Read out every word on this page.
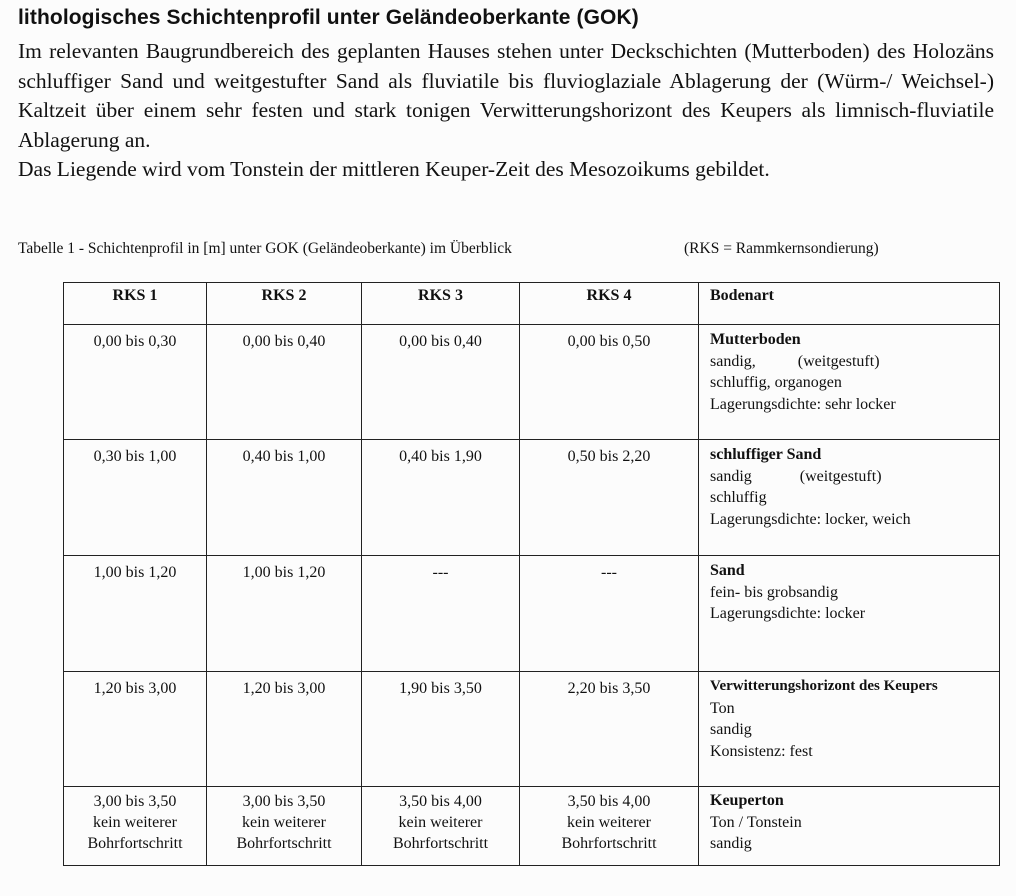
lithologisches Schichtenprofil unter Geländeoberkante (GOK)

Im relevanten Baugrundbereich des geplanten Hauses stehen unter Deckschichten (Mutterboden) des Holozäns schluffiger Sand und weitgestufter Sand als fluviatile bis fluvioglaziale Ablagerung der (Würm-/ Weichsel-) Kaltzeit über einem sehr festen und stark tonigen Verwitterungshorizont des Keupers als limnisch-fluviatile Ablagerung an.

Das Liegende wird vom Tonstein der mittleren Keuper-Zeit des Mesozoikums gebildet.

Tabelle 1 - Schichtenprofil in [m] unter GOK (Geländeoberkante) im Überblick	(RKS = Rammkernsondierung)
RKS 1	RKS 2	RKS 3	RKS 4	Bodenart
0,00 bis 0,30	0,00 bis 0,40	0,00 bis 0,40	0,00 bis 0,50	Mutterboden
sandig, (weitgestuft)
schluffig, organogen
Lagerungsdichte: sehr locker

0,30 bis 1,00	0,40 bis 1,00	0,40 bis 1,90	0,50 bis 2,20	schluffiger Sand
sandig (weitgestuft)
schluffig
Lagerungsdichte: locker, weich

1,00 bis 1,20	1,00 bis 1,20	---	---	Sand
fein- bis grobsandig
Lagerungsdichte: locker

1,20 bis 3,00	1,20 bis 3,00	1,90 bis 3,50	2,20 bis 3,50	Verwitterungshorizont des Keupers
Ton
sandig
Konsistenz: fest

3,00 bis 3,50
kein weiterer
Bohrfortschritt	3,00 bis 3,50
kein weiterer
Bohrfortschritt	3,50 bis 4,00
kein weiterer
Bohrfortschritt	3,50 bis 4,00
kein weiterer
Bohrfortschritt	Keuperton
Ton / Tonstein
sandig
